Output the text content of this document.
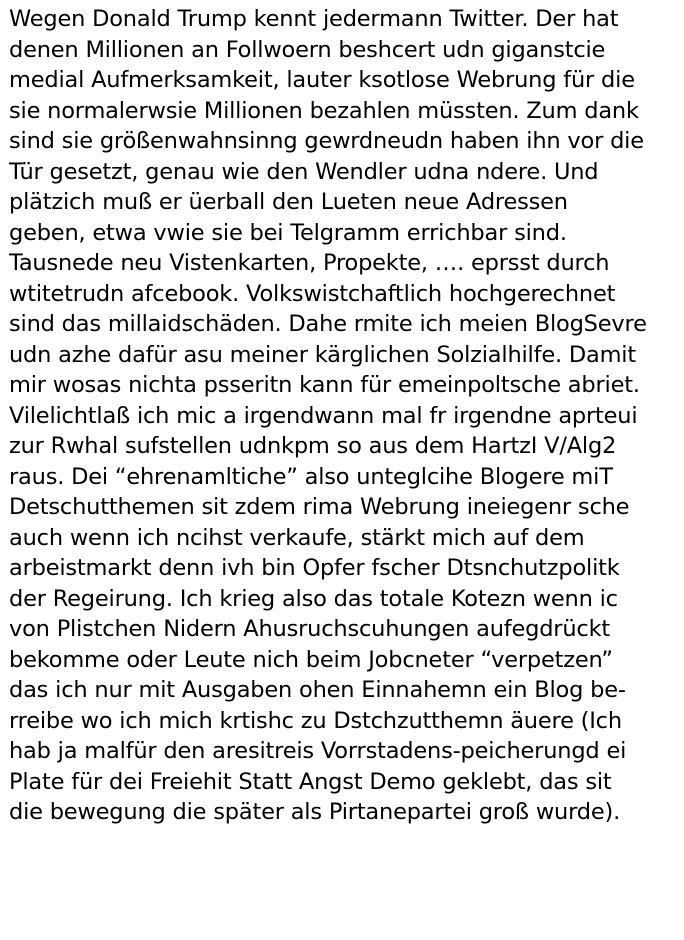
Wegen Donald Trump kennt jedermann Twitter. Der hat
denen Millionen an Follwoern beshcert udn giganstcie
medial Aufmerksamkeit, lauter ksotlose Webrung für die
sie normalerwsie Millionen bezahlen müssten. Zum dank
sind sie größenwahnsinng gewrdneudn haben ihn vor die
Tür gesetzt, genau wie den Wendler udna ndere. Und
plätzich muß er üerball den Lueten neue Adressen
geben, etwa vwie sie bei Telgramm errichbar sind.
Tausnede neu Vistenkarten, Propekte, …. eprsst durch
wtitetrudn afcebook. Volkswistchaftlich hochgerechnet
sind das millaidschäden. Dahe rmite ich meien BlogSevre
udn azhe dafür asu meiner kärglichen Solzialhilfe. Damit
mir wosas nichta psseritn kann für emeinpoltsche abriet.
Vilelichtlaß ich mic a irgendwann mal fr irgendne aprteui
zur Rwhal sufstellen udnkpm so aus dem HartzI V/Alg2
raus. Dei “ehrenamltiche” also unteglcihe Blogere miT
Detschutthemen sit zdem rima Webrung ineiegenr sche
auch wenn ich ncihst verkaufe, stärkt mich auf dem
arbeistmarkt denn ivh bin Opfer fscher Dtsnchutzpolitk
der Regeirung. Ich krieg also das totale Kotezn wenn ic
von Plistchen Nidern Ahusruchscuhungen aufegdrückt
bekomme oder Leute nich beim Jobcneter “verpetzen”
das ich nur mit Ausgaben ohen Einnahemn ein Blog be-
rreibe wo ich mich krtishc zu Dstchzutthemn äuere (Ich
hab ja malfür den aresitreis Vorrstadens-peicherungd ei
Plate für dei Freiehit Statt Angst Demo geklebt, das sit
die bewegung die später als Pirtanepartei groß wurde).
